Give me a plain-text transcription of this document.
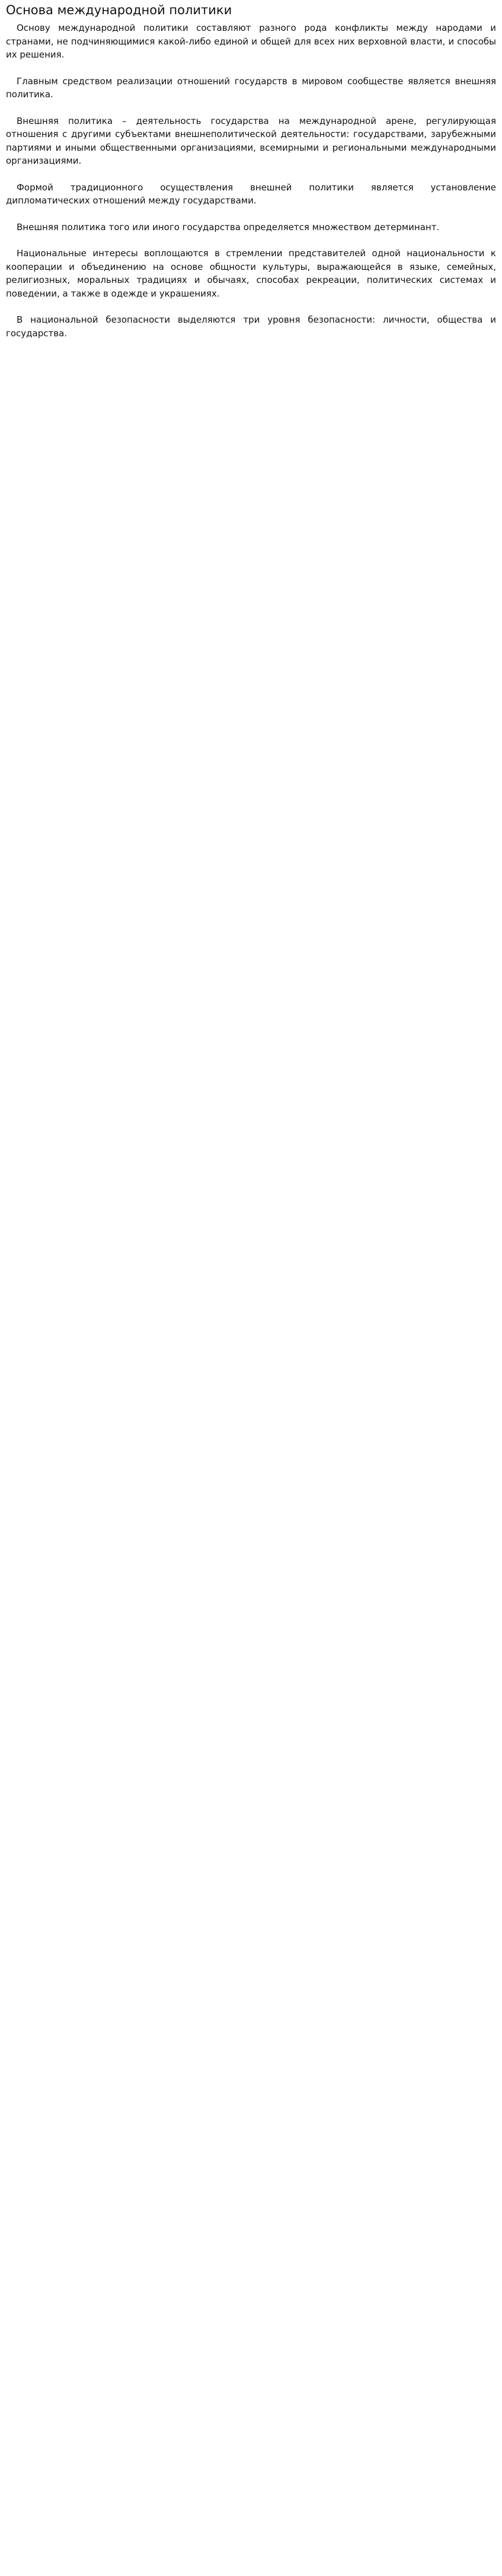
Основа международной политики

Основу международной политики составляют разного рода конфликты между народами и странами, не подчиняющимися какой-либо единой и общей для всех них верховной власти, и способы их решения.

Главным средством реализации отношений государств в мировом сообществе является внешняя политика.

Внешняя политика – деятельность государства на международной арене, регулирующая отношения с другими субъектами внешнеполитической деятельности: государствами, зарубежными партиями и иными общественными организациями, всемирными и региональными международными организациями.

Формой традиционного осуществления внешней политики является установление дипломатических отношений между государствами.

Внешняя политика того или иного государства определяется множеством детерминант.

Национальные интересы воплощаются в стремлении представителей одной национальности к кооперации и объединению на основе общности культуры, выражающейся в языке, семейных, религиозных, моральных традициях и обычаях, способах рекреации, политических системах и поведении, а также в одежде и украшениях.

В национальной безопасности выделяются три уровня безопасности: личности, общества и государства.
